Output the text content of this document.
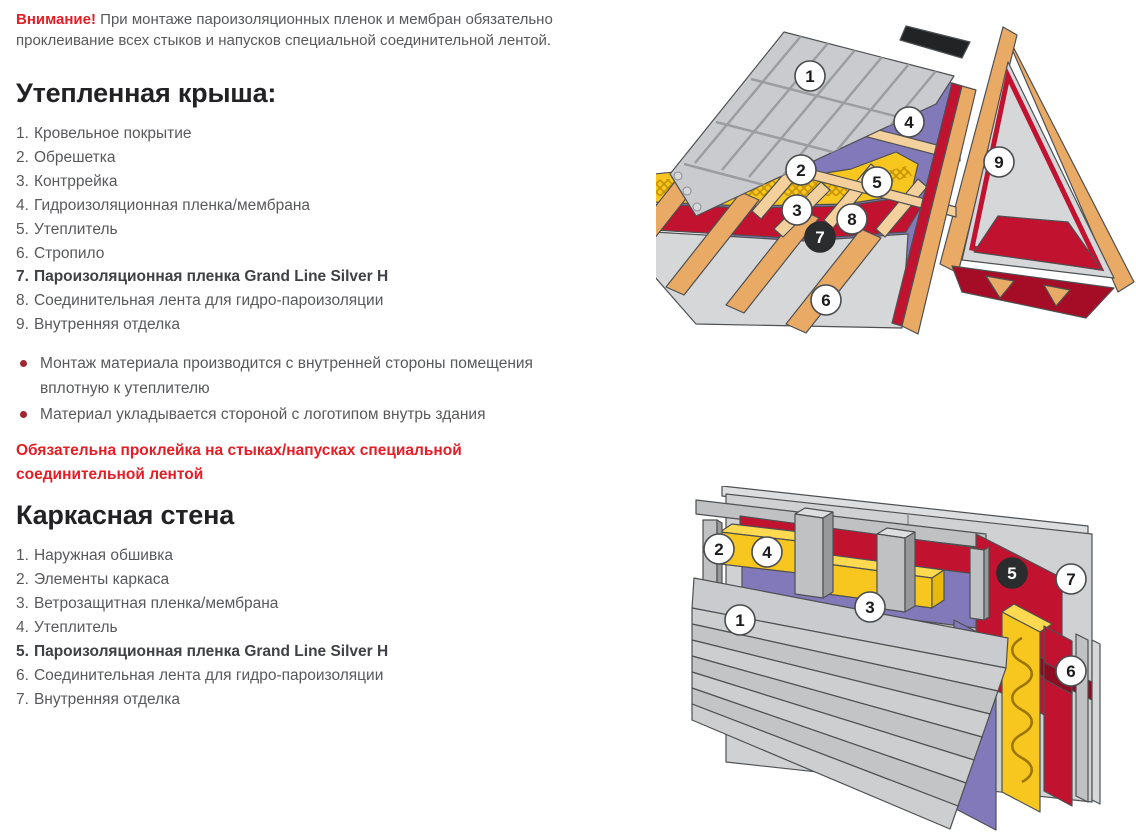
Внимание! При монтаже пароизоляционных пленок и мембран обязательно проклеивание всех стыков и напусков специальной соединительной лентой.

Утепленная крыша:
1. Кровельное покрытие
2. Обрешетка
3. Контррейка
4. Гидроизоляционная пленка/мембрана
5. Утеплитель
6. Стропило
7. Пароизоляционная пленка Grand Line Silver H
8. Соединительная лента для гидро-пароизоляции
9. Внутренняя отделка
Монтаж материала производится с внутренней стороны помещения вплотную к утеплителю
Материал укладывается стороной с логотипом внутрь здания

Обязательна проклейка на стыках/напусках специальной соединительной лентой

Каркасная стена
1. Наружная обшивка
2. Элементы каркаса
3. Ветрозащитная пленка/мембрана
4. Утеплитель
5. Пароизоляционная пленка Grand Line Silver H
6. Соединительная лента для гидро-пароизоляции
7. Внутренняя отделка
1
2
3
4
5
6
7
8
9
1
2
3
4
5
6
7
